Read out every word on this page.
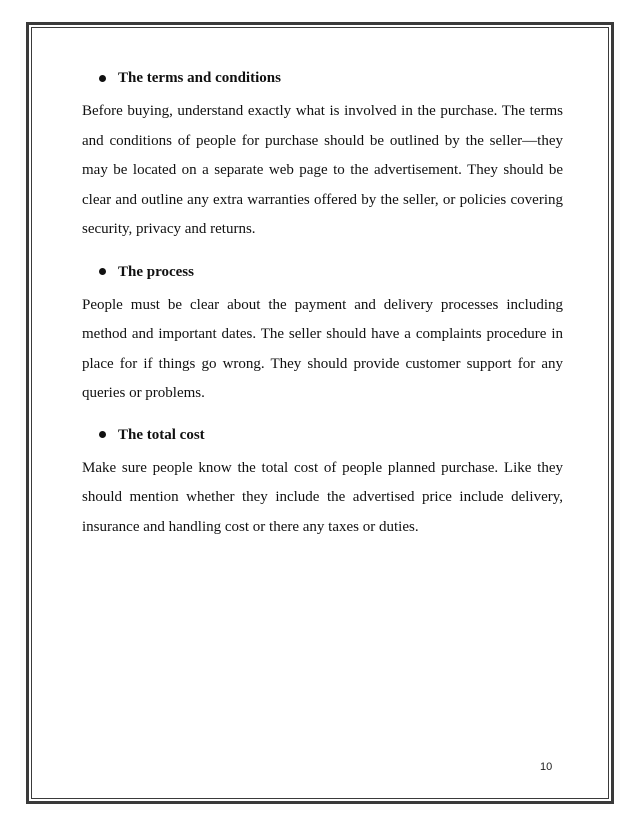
The terms and conditions

Before buying, understand exactly what is involved in the purchase. The terms and conditions of people for purchase should be outlined by the seller—they may be located on a separate web page to the advertisement. They should be clear and outline any extra warranties offered by the seller, or policies covering security, privacy and returns.

The process

People must be clear about the payment and delivery processes including method and important dates. The seller should have a complaints procedure in place for if things go wrong. They should provide customer support for any queries or problems.

The total cost

Make sure people know the total cost of people planned purchase. Like they should mention whether they include the advertised price include delivery, insurance and handling cost or there any taxes or duties.

10
